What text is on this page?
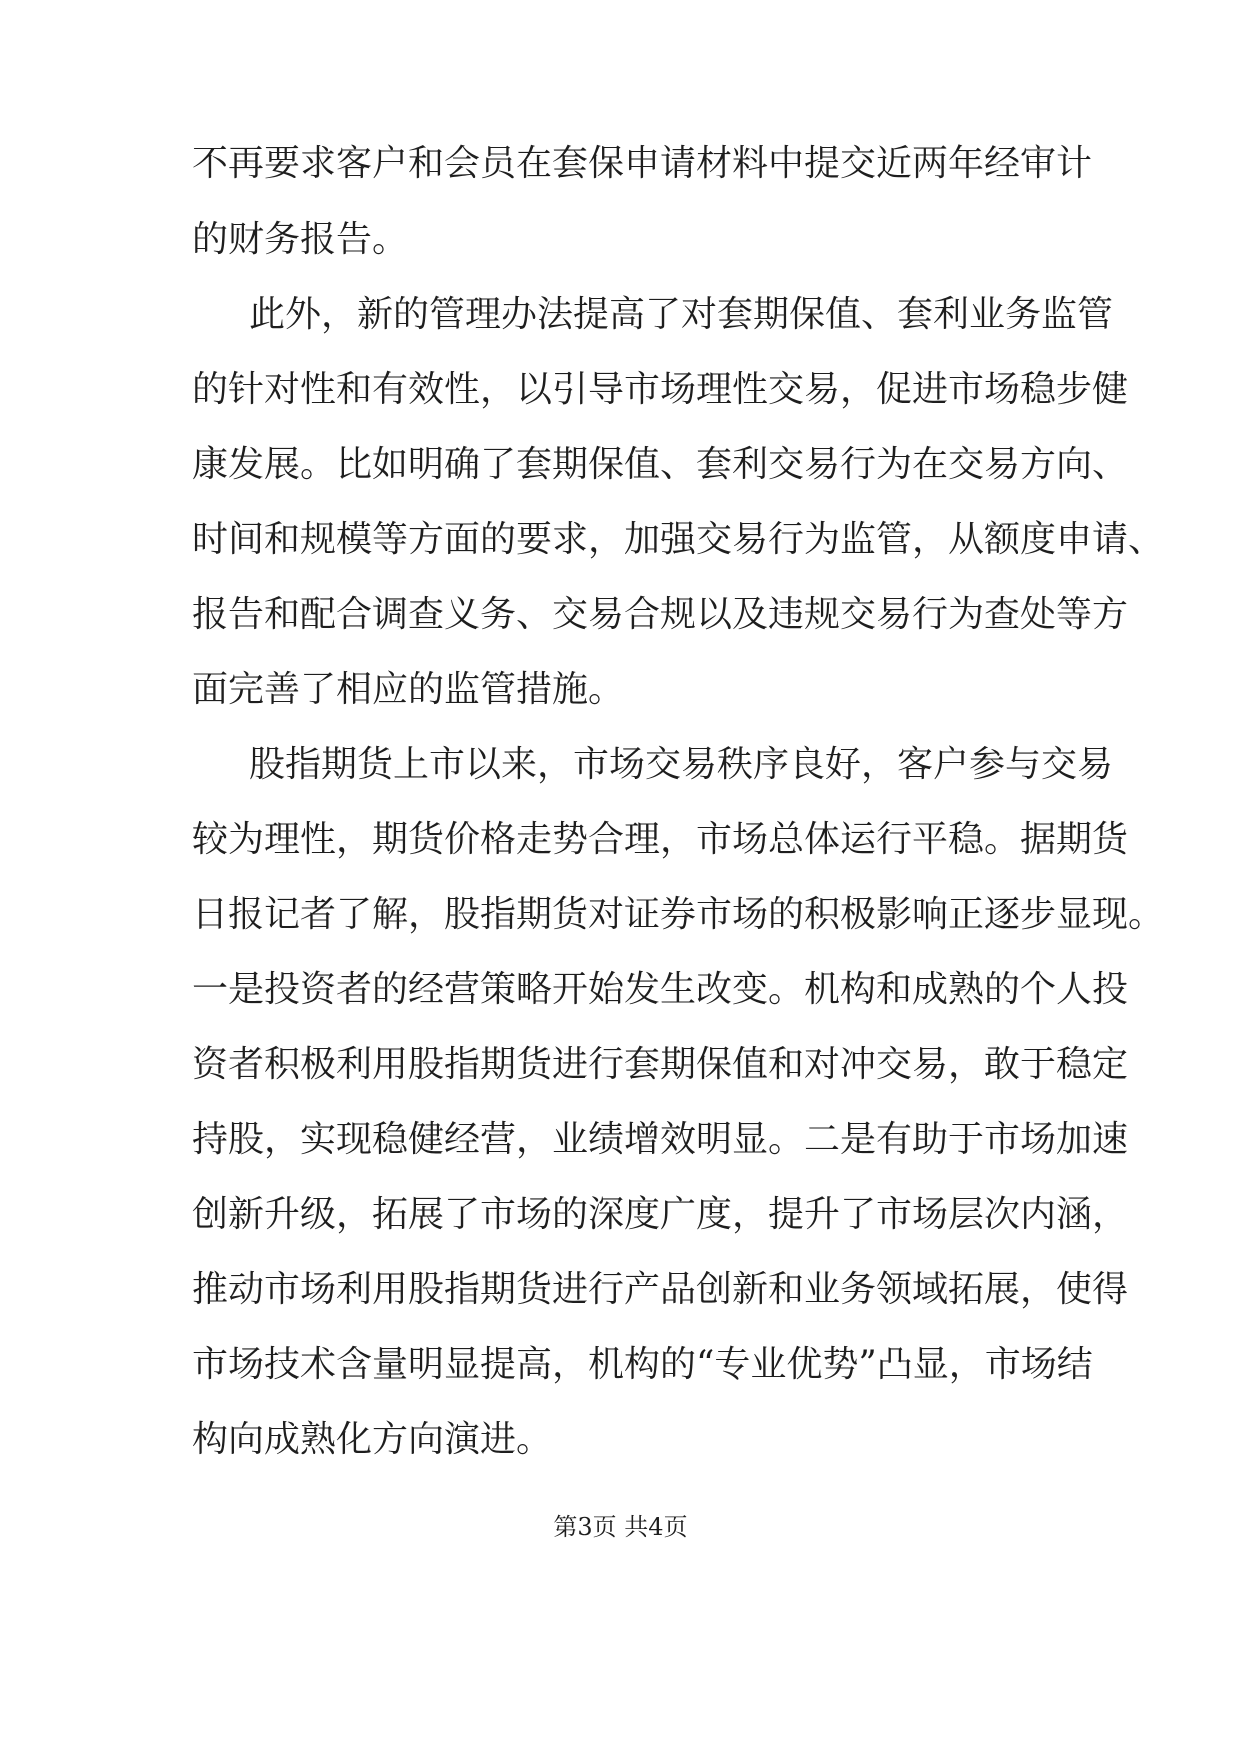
不再要求客户和会员在套保申请材料中提交近两年经审计
的财务报告。
此外，新的管理办法提高了对套期保值、套利业务监管
的针对性和有效性，以引导市场理性交易，促进市场稳步健
康发展。比如明确了套期保值、套利交易行为在交易方向、
时间和规模等方面的要求，加强交易行为监管，从额度申请、
报告和配合调查义务、交易合规以及违规交易行为查处等方
面完善了相应的监管措施。
股指期货上市以来，市场交易秩序良好，客户参与交易
较为理性，期货价格走势合理，市场总体运行平稳。据期货
日报记者了解，股指期货对证券市场的积极影响正逐步显现。
一是投资者的经营策略开始发生改变。机构和成熟的个人投
资者积极利用股指期货进行套期保值和对冲交易，敢于稳定
持股，实现稳健经营，业绩增效明显。二是有助于市场加速
创新升级，拓展了市场的深度广度，提升了市场层次内涵，
推动市场利用股指期货进行产品创新和业务领域拓展，使得
市场技术含量明显提高，机构的“专业优势”凸显，市场结
构向成熟化方向演进。
第3页 共4页
